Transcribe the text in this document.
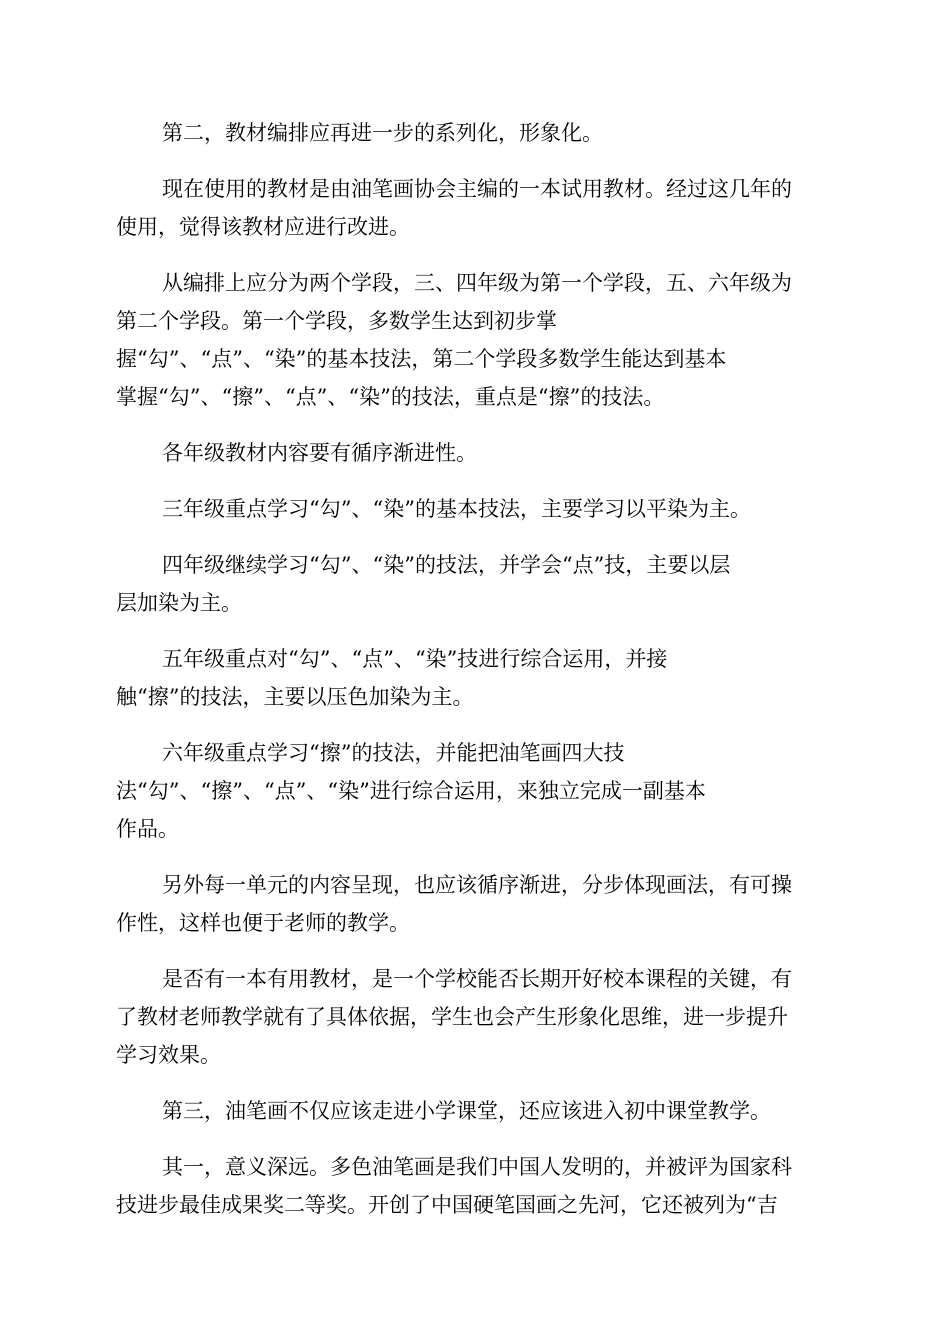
第二，教材编排应再进一步的系列化，形象化。
现在使用的教材是由油笔画协会主编的一本试用教材。经过这几年的
使用，觉得该教材应进行改进。
从编排上应分为两个学段，三、四年级为第一个学段，五、六年级为
第二个学段。第一个学段，多数学生达到初步掌
握“勾”、“点”、“染”的基本技法，第二个学段多数学生能达到基本
掌握“勾”、“擦”、“点”、“染”的技法，重点是“擦”的技法。
各年级教材内容要有循序渐进性。
三年级重点学习“勾”、“染”的基本技法，主要学习以平染为主。
四年级继续学习“勾”、“染”的技法，并学会“点”技，主要以层
层加染为主。
五年级重点对“勾”、“点”、“染”技进行综合运用，并接
触“擦”的技法，主要以压色加染为主。
六年级重点学习“擦”的技法，并能把油笔画四大技
法“勾”、“擦”、“点”、“染”进行综合运用，来独立完成一副基本
作品。
另外每一单元的内容呈现，也应该循序渐进，分步体现画法，有可操
作性，这样也便于老师的教学。
是否有一本有用教材，是一个学校能否长期开好校本课程的关键，有
了教材老师教学就有了具体依据，学生也会产生形象化思维，进一步提升
学习效果。
第三，油笔画不仅应该走进小学课堂，还应该进入初中课堂教学。
其一，意义深远。多色油笔画是我们中国人发明的，并被评为国家科
技进步最佳成果奖二等奖。开创了中国硬笔国画之先河，它还被列为“吉
